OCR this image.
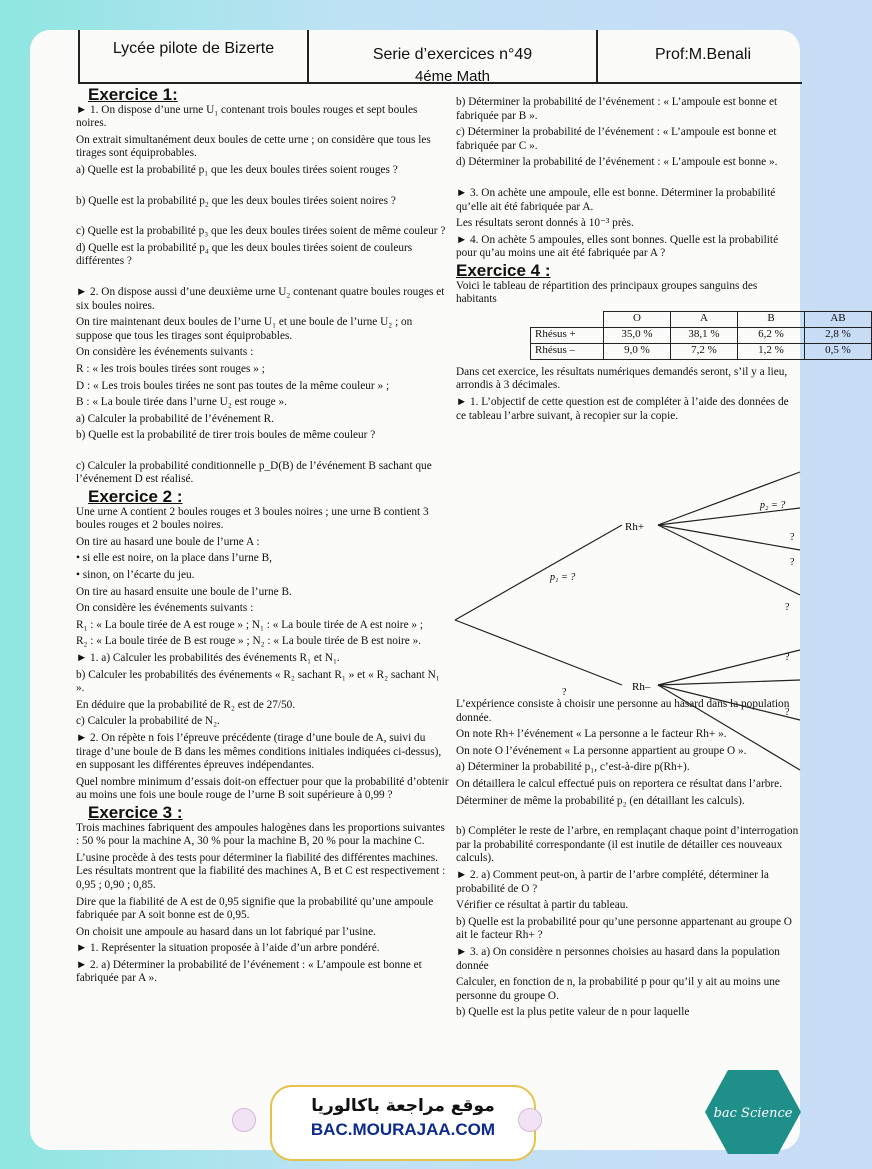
Lycée pilote de Bizerte	Serie d’exercices n°49
4éme Math
Prof:M.Benali
Exercice 1:

► 1. On dispose d’une urne U₁ contenant trois boules rouges et sept boules noires.

On extrait simultanément deux boules de cette urne ; on considère que tous les tirages sont équiprobables.

a) Quelle est la probabilité p₁ que les deux boules tirées soient rouges ?

b) Quelle est la probabilité p₂ que les deux boules tirées soient noires ?

c) Quelle est la probabilité p₃ que les deux boules tirées soient de même couleur ?

d) Quelle est la probabilité p₄ que les deux boules tirées soient de couleurs différentes ?

► 2. On dispose aussi d’une deuxième urne U₂ contenant quatre boules rouges et six boules noires.

On tire maintenant deux boules de l’urne U₁ et une boule de l’urne U₂ ; on suppose que tous les tirages sont équiprobables.

On considère les événements suivants :

R : « les trois boules tirées sont rouges » ;

D : « Les trois boules tirées ne sont pas toutes de la même couleur » ;

B : « La boule tirée dans l’urne U₂ est rouge ».

a) Calculer la probabilité de l’événement R.

b) Quelle est la probabilité de tirer trois boules de même couleur ?

c) Calculer la probabilité conditionnelle p_D(B) de l’événement B sachant que l’événement D est réalisé.

Exercice 2 :

Une urne A contient 2 boules rouges et 3 boules noires ; une urne B contient 3 boules rouges et 2 boules noires.

On tire au hasard une boule de l’urne A :

• si elle est noire, on la place dans l’urne B,

• sinon, on l’écarte du jeu.

On tire au hasard ensuite une boule de l’urne B.

On considère les événements suivants :

R₁ : « La boule tirée de A est rouge » ; N₁ : « La boule tirée de A est noire » ;

R₂ : « La boule tirée de B est rouge » ; N₂ : « La boule tirée de B est noire ».

► 1. a) Calculer les probabilités des événements R₁ et N₁.

b) Calculer les probabilités des événements « R₂ sachant R₁ » et « R₂ sachant N₁ ».

En déduire que la probabilité de R₂ est de 27/50.

c) Calculer la probabilité de N₂.

► 2. On répète n fois l’épreuve précédente (tirage d’une boule de A, suivi du tirage d’une boule de B dans les mêmes conditions initiales indiquées ci-dessus), en supposant les différentes épreuves indépendantes.

Quel nombre minimum d’essais doit-on effectuer pour que la probabilité d’obtenir au moins une fois une boule rouge de l’urne B soit supérieure à 0,99 ?

Exercice 3 :

Trois machines fabriquent des ampoules halogènes dans les proportions suivantes : 50 % pour la machine A, 30 % pour la machine B, 20 % pour la machine C.

L’usine procède à des tests pour déterminer la fiabilité des différentes machines. Les résultats montrent que la fiabilité des machines A, B et C est respectivement : 0,95 ; 0,90 ; 0,85.

Dire que la fiabilité de A est de 0,95 signifie que la probabilité qu’une ampoule fabriquée par A soit bonne est de 0,95.

On choisit une ampoule au hasard dans un lot fabriqué par l’usine.

► 1. Représenter la situation proposée à l’aide d’un arbre pondéré.

► 2. a) Déterminer la probabilité de l’événement : « L’ampoule est bonne et fabriquée par A ».

b) Déterminer la probabilité de l’événement : « L’ampoule est bonne et fabriquée par B ».

c) Déterminer la probabilité de l’événement : « L’ampoule est bonne et fabriquée par C ».

d) Déterminer la probabilité de l’événement : « L’ampoule est bonne ».

► 3. On achète une ampoule, elle est bonne. Déterminer la probabilité qu’elle ait été fabriquée par A.

Les résultats seront donnés à 10⁻³ près.

► 4. On achète 5 ampoules, elles sont bonnes. Quelle est la probabilité pour qu’au moins une ait été fabriquée par A ?

Exercice 4 :

Voici le tableau de répartition des principaux groupes sanguins des habitants

	O	A	B	AB
Rhésus +	35,0 %	38,1 %	6,2 %	2,8 %
Rhésus –	9,0 %	7,2 %	1,2 %	0,5 %

Dans cet exercice, les résultats numériques demandés seront, s’il y a lieu, arrondis à 3 décimales.

► 1. L’objectif de cette question est de compléter à l’aide des données de ce tableau l’arbre suivant, à recopier sur la copie.

L’expérience consiste à choisir une personne au hasard dans la population donnée.

On note Rh+ l’événement « La personne a le facteur Rh+ ».

On note O l’événement « La personne appartient au groupe O ».

a) Déterminer la probabilité p₁, c’est-à-dire p(Rh+).

On détaillera le calcul effectué puis on reportera ce résultat dans l’arbre.

Déterminer de même la probabilité p₂ (en détaillant les calculs).

b) Compléter le reste de l’arbre, en remplaçant chaque point d’interrogation par la probabilité correspondante (il est inutile de détailler ces nouveaux calculs).

► 2. a) Comment peut-on, à partir de l’arbre complété, déterminer la probabilité de O ?

Vérifier ce résultat à partir du tableau.

b) Quelle est la probabilité pour qu’une personne appartenant au groupe O ait le facteur Rh+ ?

► 3. a) On considère n personnes choisies au hasard dans la population donnée

Calculer, en fonction de n, la probabilité p pour qu’il y ait au moins une personne du groupe O.

b) Quelle est la plus petite valeur de n pour laquelle

Rh+
Rh–
p₁ = ?
p₂ = ?
?
?
?
?
?
?
موقع مراجعة باكالوريا
BAC.MOURAJAA.COM
bac Science
